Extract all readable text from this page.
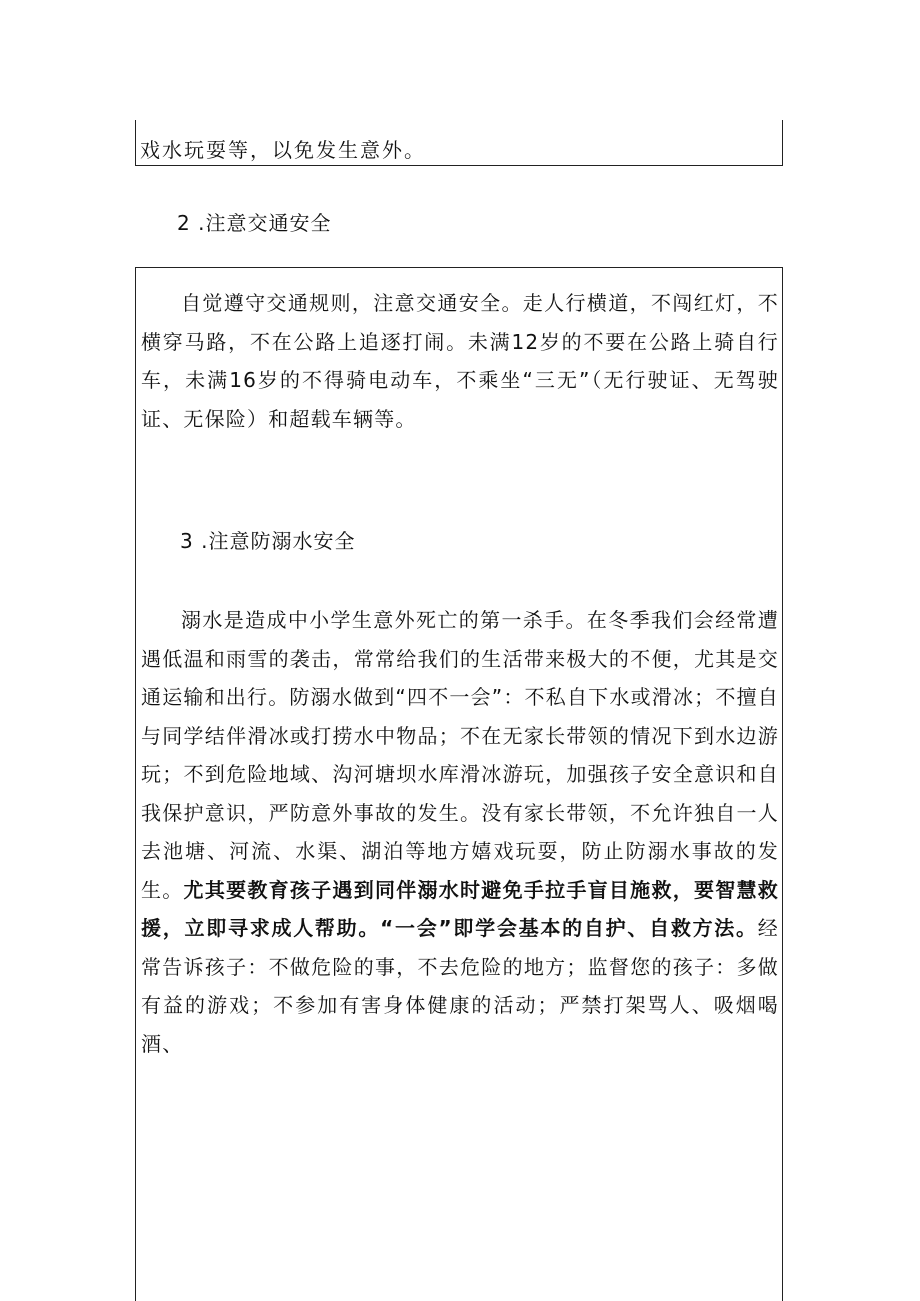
戏水玩耍等，以免发生意外。
2 .注意交通安全

自觉遵守交通规则，注意交通安全。走人行横道，不闯红灯，不横穿马路，不在公路上追逐打闹。未满12岁的不要在公路上骑自行车，未满16岁的不得骑电动车，不乘坐“三无”（无行驶证、无驾驶证、无保险）和超载车辆等。

3 .注意防溺水安全

溺水是造成中小学生意外死亡的第一杀手。在冬季我们会经常遭遇低温和雨雪的袭击，常常给我们的生活带来极大的不便，尤其是交通运输和出行。防溺水做到“四不一会”：不私自下水或滑冰；不擅自与同学结伴滑冰或打捞水中物品；不在无家长带领的情况下到水边游玩；不到危险地域、沟河塘坝水库滑冰游玩，加强孩子安全意识和自我保护意识，严防意外事故的发生。没有家长带领，不允许独自一人去池塘、河流、水渠、湖泊等地方嬉戏玩耍，防止防溺水事故的发生。尤其要教育孩子遇到同伴溺水时避免手拉手盲目施救，要智慧救援，立即寻求成人帮助。“一会”即学会基本的自护、自救方法。经常告诉孩子：不做危险的事，不去危险的地方；监督您的孩子：多做有益的游戏；不参加有害身体健康的活动；严禁打架骂人、吸烟喝酒、
